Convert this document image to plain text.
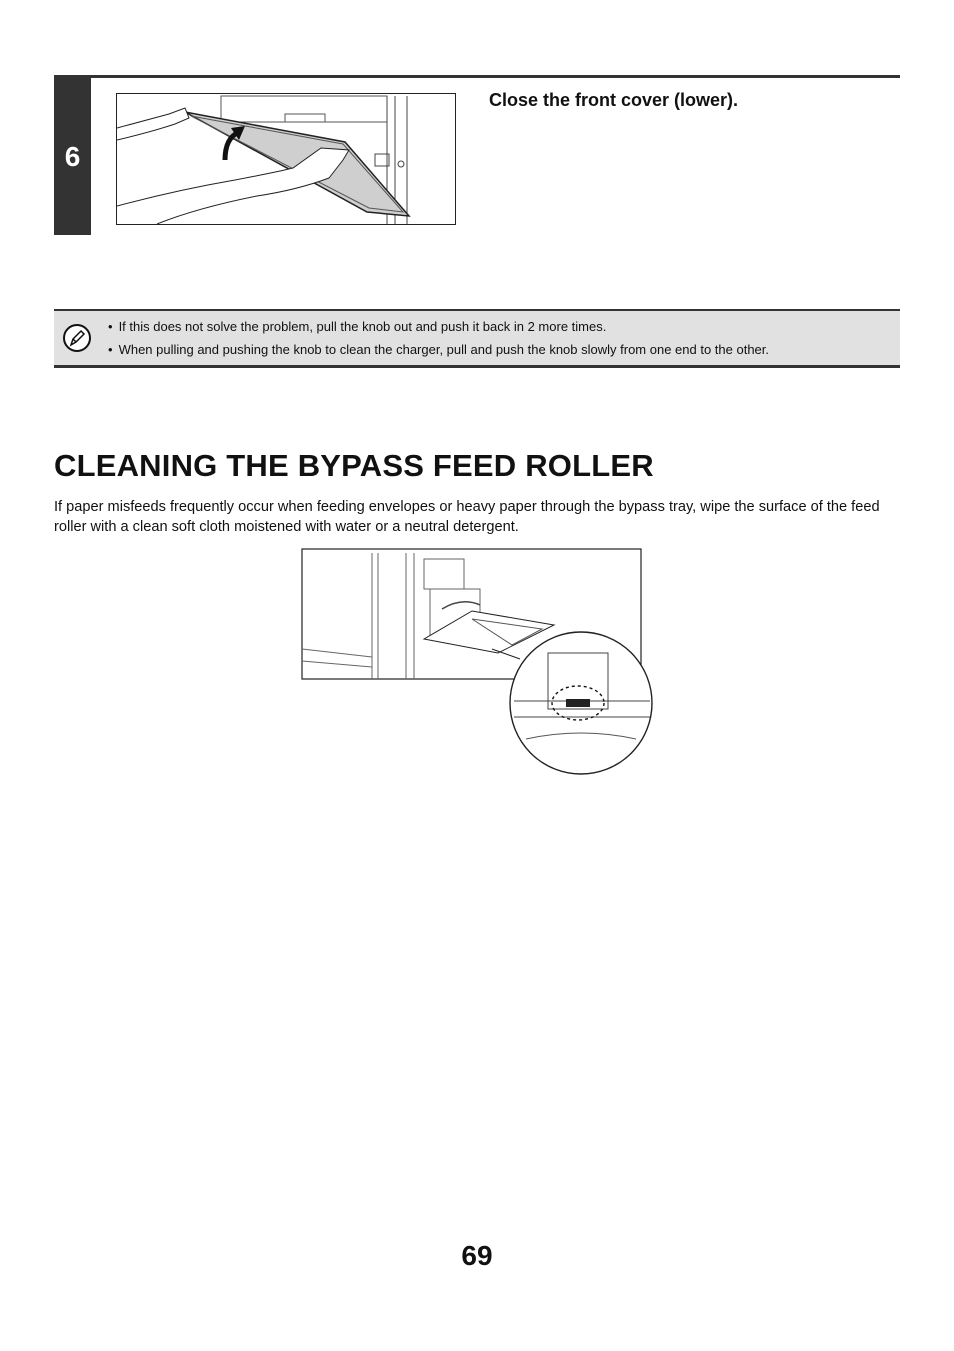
6
Close the front cover (lower).
• If this does not solve the problem, pull the knob out and push it back in 2 more times.
• When pulling and pushing the knob to clean the charger, pull and push the knob slowly from one end to the other.
CLEANING THE BYPASS FEED ROLLER

If paper misfeeds frequently occur when feeding envelopes or heavy paper through the bypass tray, wipe the surface of the feed roller with a clean soft cloth moistened with water or a neutral detergent.

69
